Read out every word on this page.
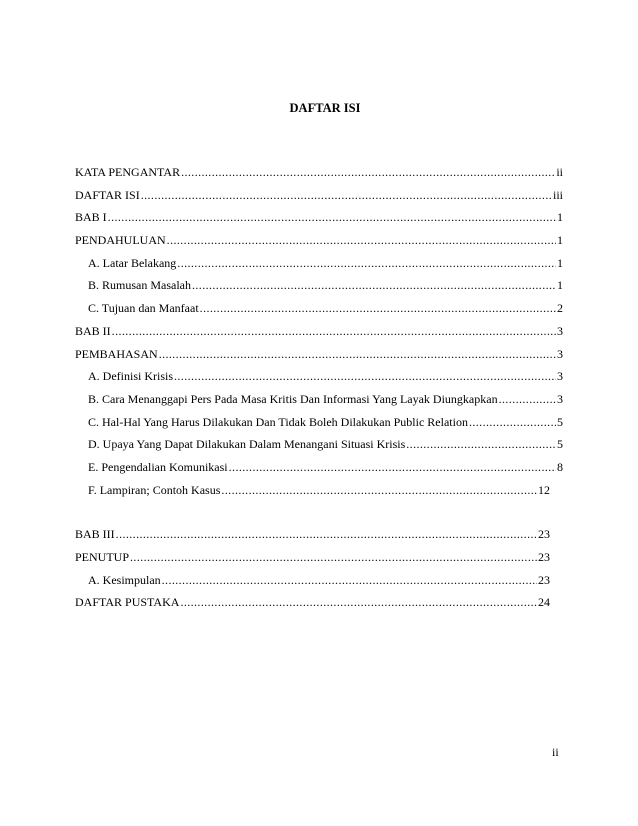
DAFTAR ISI
KATA PENGANTAR .....	ii
DAFTAR ISI .....	iii
BAB I .....	1
PENDAHULUAN .....	1
A. Latar Belakang .....	1
B. Rumusan Masalah .....	1
C. Tujuan dan Manfaat .....	2
BAB II .....	3
PEMBAHASAN .....	3
A. Definisi Krisis .....	3
B. Cara Menanggapi Pers Pada Masa Kritis Dan Informasi Yang Layak Diungkapkan .....	3
C. Hal-Hal Yang Harus Dilakukan Dan Tidak Boleh Dilakukan Public Relation .....	5
D. Upaya Yang Dapat Dilakukan Dalam Menangani Situasi Krisis .....	5
E. Pengendalian Komunikasi .....	8
F. Lampiran; Contoh Kasus .....	12
BAB III .....	23
PENUTUP .....	23
A. Kesimpulan .....	23
DAFTAR PUSTAKA .....	24
ii
